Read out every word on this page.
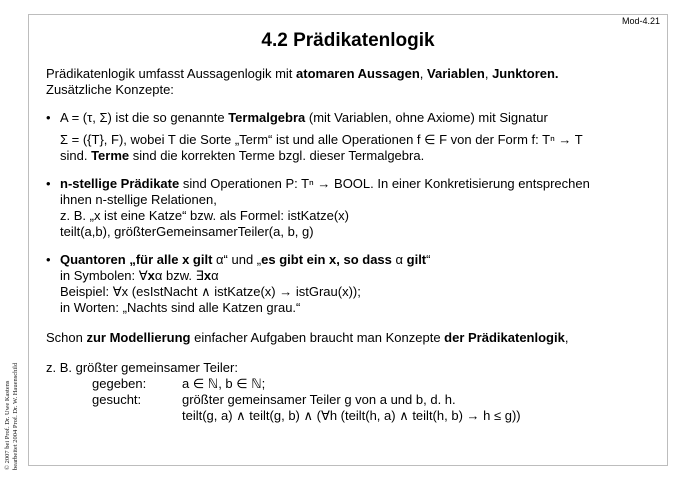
Mod-4.21
4.2 Prädikatenlogik
© 2007 bei Prof. Dr. Uwe Kastens bearbeitet 2004 Prof. Dr. W. Hauenschild

Prädikatenlogik umfasst Aussagenlogik mit atomaren Aussagen, Variablen, Junktoren.
Zusätzliche Konzepte:

• A = (τ, Σ) ist die so genannte Termalgebra (mit Variablen, ohne Axiome) mit Signatur
Σ = ({T}, F), wobei T die Sorte „Term“ ist und alle Operationen f ∈ F von der Form f: Tⁿ → T
sind. Terme sind die korrekten Terme bzgl. dieser Termalgebra.
• n-stellige Prädikate sind Operationen P: Tⁿ → BOOL. In einer Konkretisierung entsprechen
ihnen n-stellige Relationen,
z. B. „x ist eine Katze“ bzw. als Formel: istKatze(x)
teilt(a,b), größterGemeinsamerTeiler(a, b, g)
• Quantoren „für alle x gilt α“ und „es gibt ein x, so dass α gilt“
in Symbolen: ∀xα bzw. ∃xα
Beispiel: ∀x (esIstNacht ∧ istKatze(x) → istGrau(x));
in Worten: „Nachts sind alle Katzen grau.“

Schon zur Modellierung einfacher Aufgaben braucht man Konzepte der Prädikatenlogik,

z. B. größter gemeinsamer Teiler:

gegeben:	a ∈ ℕ, b ∈ ℕ;
gesucht:	größter gemeinsamer Teiler g von a und b, d. h.
teilt(g, a) ∧ teilt(g, b) ∧ (∀h (teilt(h, a) ∧ teilt(h, b) → h ≤ g))
